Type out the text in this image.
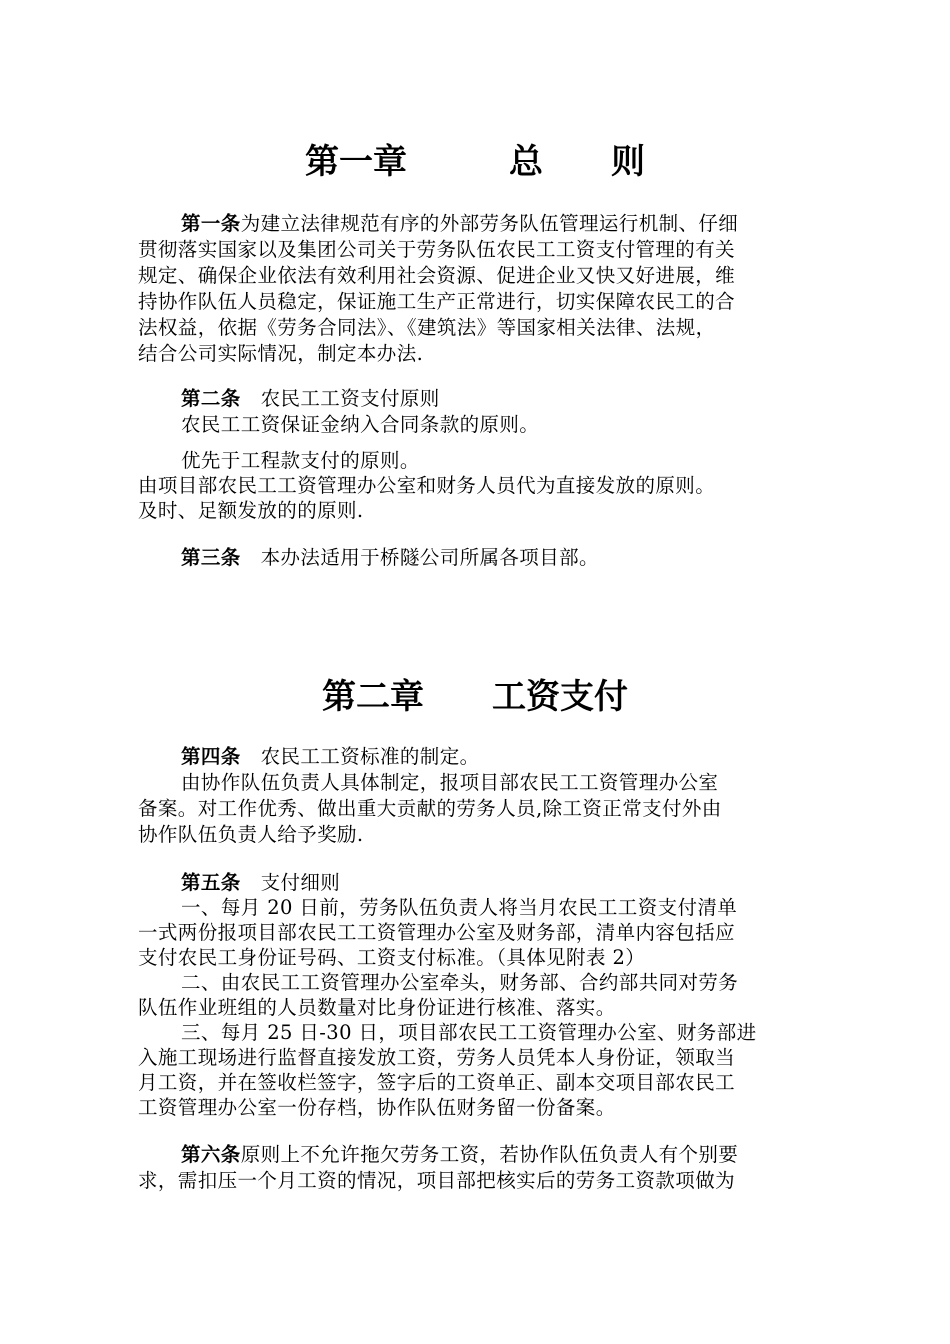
第一章　　　总　　则
第一条为建立法律规范有序的外部劳务队伍管理运行机制、仔细
贯彻落实国家以及集团公司关于劳务队伍农民工工资支付管理的有关
规定、确保企业依法有效利用社会资源、促进企业又快又好进展，维
持协作队伍人员稳定，保证施工生产正常进行，切实保障农民工的合
法权益，依据《劳务合同法》、《建筑法》等国家相关法律、法规，
结合公司实际情况，制定本办法.
第二条　农民工工资支付原则
农民工工资保证金纳入合同条款的原则。
优先于工程款支付的原则。
由项目部农民工工资管理办公室和财务人员代为直接发放的原则。
及时、足额发放的的原则.
第三条　本办法适用于桥隧公司所属各项目部。
第二章　　工资支付
第四条　农民工工资标准的制定。
由协作队伍负责人具体制定，报项目部农民工工资管理办公室
备案。对工作优秀、做出重大贡献的劳务人员,除工资正常支付外由
协作队伍负责人给予奖励.
第五条　支付细则
一、每月 20 日前，劳务队伍负责人将当月农民工工资支付清单
一式两份报项目部农民工工资管理办公室及财务部，清单内容包括应
支付农民工身份证号码、工资支付标准。（具体见附表 2）
二、由农民工工资管理办公室牵头，财务部、合约部共同对劳务
队伍作业班组的人员数量对比身份证进行核准、落实。
三、每月 25 日-30 日，项目部农民工工资管理办公室、财务部进
入施工现场进行监督直接发放工资，劳务人员凭本人身份证，领取当
月工资，并在签收栏签字，签字后的工资单正、副本交项目部农民工
工资管理办公室一份存档，协作队伍财务留一份备案。
第六条原则上不允许拖欠劳务工资，若协作队伍负责人有个别要
求，需扣压一个月工资的情况，项目部把核实后的劳务工资款项做为
